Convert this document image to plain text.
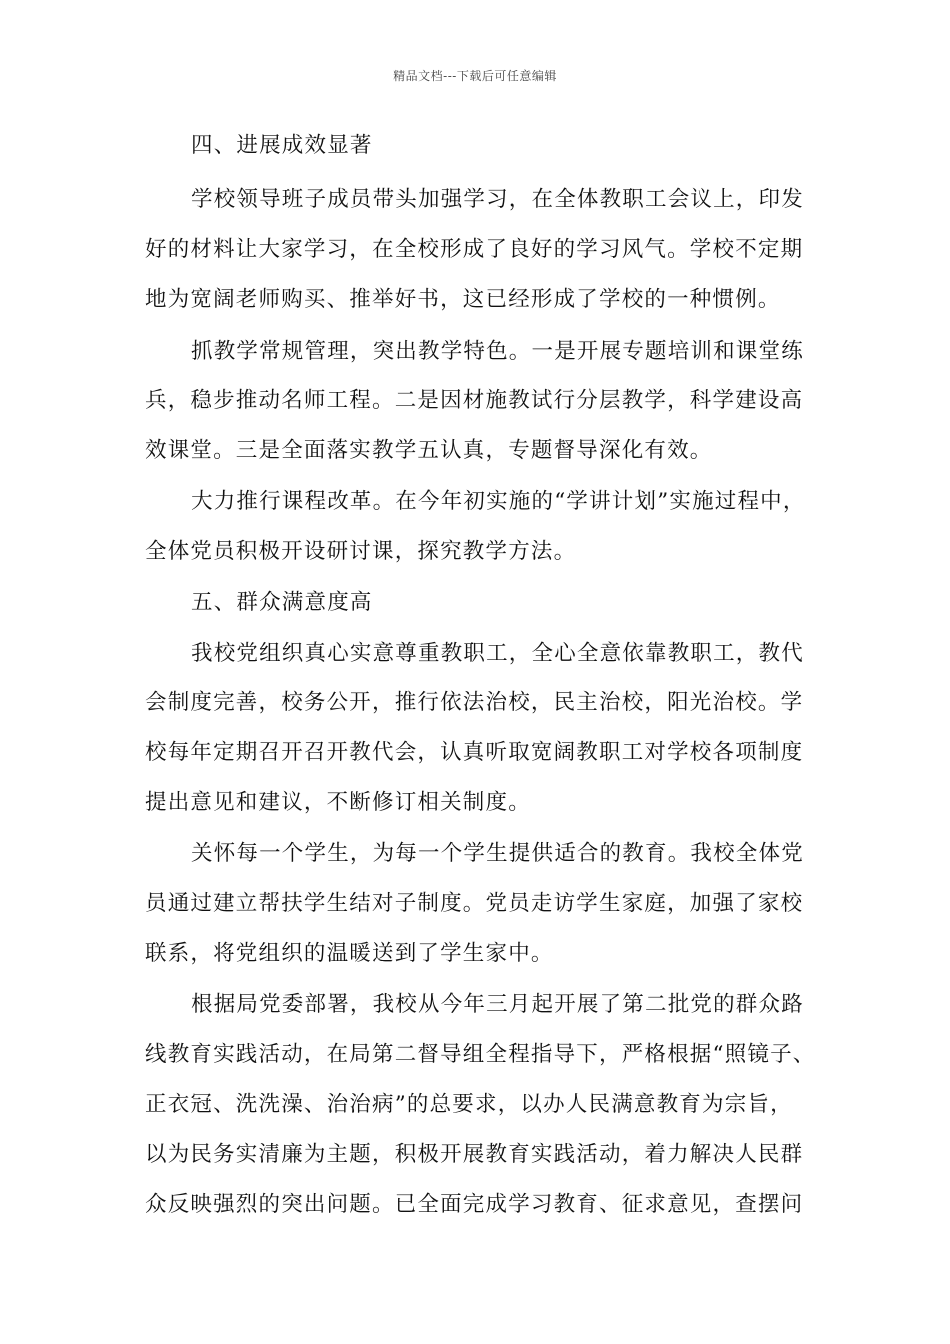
精品文档---下载后可任意编辑
四、进展成效显著
学校领导班子成员带头加强学习，在全体教职工会议上，印发
好的材料让大家学习，在全校形成了良好的学习风气。学校不定期
地为宽阔老师购买、推举好书，这已经形成了学校的一种惯例。
抓教学常规管理，突出教学特色。一是开展专题培训和课堂练
兵，稳步推动名师工程。二是因材施教试行分层教学，科学建设高
效课堂。三是全面落实教学五认真，专题督导深化有效。
大力推行课程改革。在今年初实施的“学讲计划”实施过程中，
全体党员积极开设研讨课，探究教学方法。
五、群众满意度高
我校党组织真心实意尊重教职工，全心全意依靠教职工，教代
会制度完善，校务公开，推行依法治校，民主治校，阳光治校。学
校每年定期召开召开教代会，认真听取宽阔教职工对学校各项制度
提出意见和建议，不断修订相关制度。
关怀每一个学生，为每一个学生提供适合的教育。我校全体党
员通过建立帮扶学生结对子制度。党员走访学生家庭，加强了家校
联系，将党组织的温暖送到了学生家中。
根据局党委部署，我校从今年三月起开展了第二批党的群众路
线教育实践活动，在局第二督导组全程指导下，严格根据“照镜子、
正衣冠、洗洗澡、治治病”的总要求，以办人民满意教育为宗旨，
以为民务实清廉为主题，积极开展教育实践活动，着力解决人民群
众反映强烈的突出问题。已全面完成学习教育、征求意见，查摆问
